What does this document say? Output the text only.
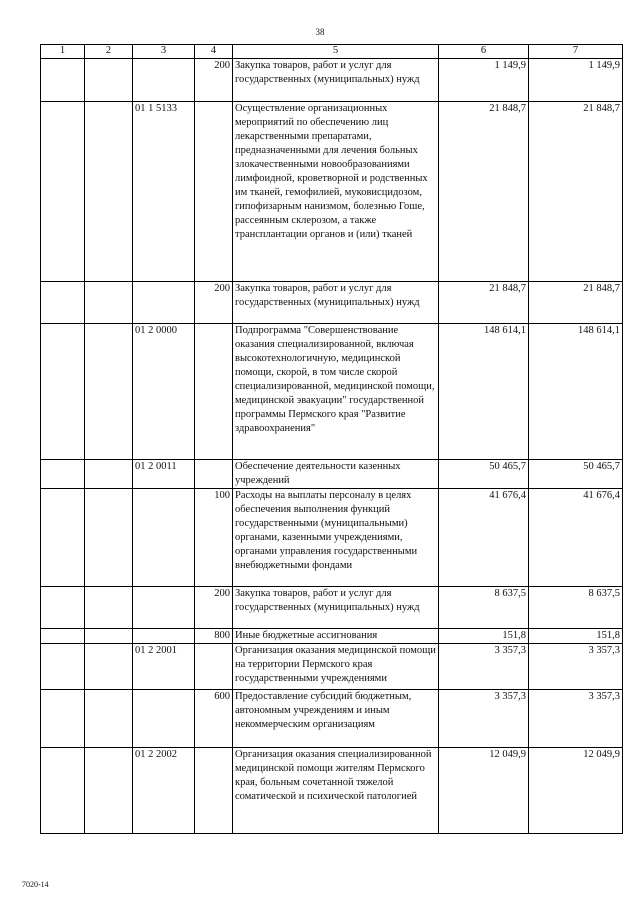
38
1	2	3	4	5	6	7
			200	Закупка товаров, работ и услуг для государственных (муниципальных) нужд	1 149,9	1 149,9
		01 1 5133		Осуществление организационных мероприятий по обеспечению лиц лекарственными препаратами, предназначенными для лечения больных злокачественными новообразованиями лимфоидной, кроветворной и родственных им тканей, гемофилией, муковисцидозом, гипофизарным нанизмом, болезнью Гоше, рассеянным склерозом, а также трансплантации органов и (или) тканей	21 848,7	21 848,7
			200	Закупка товаров, работ и услуг для государственных (муниципальных) нужд	21 848,7	21 848,7
		01 2 0000		Подпрограмма "Совершенствование оказания специализированной, включая высокотехнологичную, медицинской помощи, скорой, в том числе скорой специализированной, медицинской помощи, медицинской эвакуации" государственной программы Пермского края "Развитие здравоохранения"	148 614,1	148 614,1
		01 2 0011		Обеспечение деятельности казенных учреждений	50 465,7	50 465,7
			100	Расходы на выплаты персоналу в целях обеспечения выполнения функций государственными (муниципальными) органами, казенными учреждениями, органами управления государственными внебюджетными фондами	41 676,4	41 676,4
			200	Закупка товаров, работ и услуг для государственных (муниципальных) нужд	8 637,5	8 637,5
			800	Иные бюджетные ассигнования	151,8	151,8
		01 2 2001		Организация оказания медицинской помощи на территории Пермского края государственными учреждениями	3 357,3	3 357,3
			600	Предоставление субсидий бюджетным, автономным учреждениям и иным некоммерческим организациям	3 357,3	3 357,3
		01 2 2002		Организация оказания специализированной медицинской помощи жителям Пермского края, больным сочетанной тяжелой соматической и психической патологией	12 049,9	12 049,9
7020-14
